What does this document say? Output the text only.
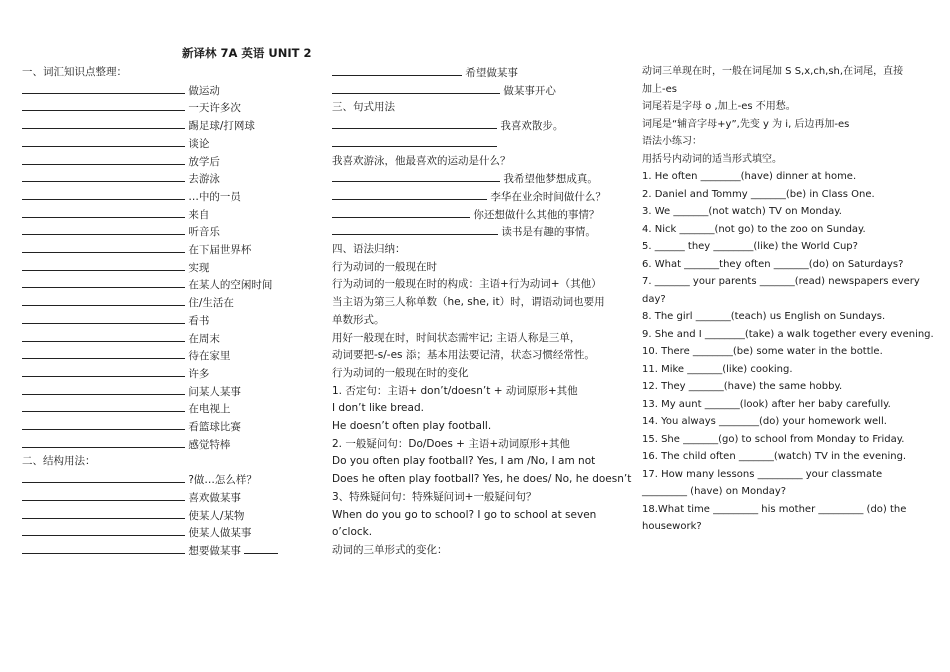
新译林 7A 英语 UNIT 2
一、词汇知识点整理：
做运动
一天许多次
踢足球/打网球
谈论
放学后
去游泳
…中的一员
来自
听音乐
在下届世界杯
实现
在某人的空闲时间
住/生活在
看书
在周末
待在家里
许多
问某人某事
在电视上
看篮球比赛
感觉特棒
二、结构用法：
?做…怎么样？
喜欢做某事
使某人/某物
使某人做某事
想要做某事
希望做某事
做某事开心
三、句式用法
我喜欢散步。
我喜欢游泳，他最喜欢的运动是什么？
我希望他梦想成真。
李华在业余时间做什么？
你还想做什么其他的事情？
读书是有趣的事情。
四、语法归纳：
行为动词的一般现在时
行为动词的一般现在时的构成：主语+行为动词+（其他）
当主语为第三人称单数（he, she, it）时，谓语动词也要用
单数形式。
用好一般现在时，时间状态需牢记; 主语人称是三单，
动词要把-s/-es 添；基本用法要记清，状态习惯经常性。
行为动词的一般现在时的变化
1. 否定句：主语+ don’t/doesn’t + 动词原形+其他
I don’t like bread.
He doesn’t often play football.
2. 一般疑问句：Do/Does + 主语+动词原形+其他
Do you often play football? Yes, I am /No, I am not
Does he often play football? Yes, he does/ No, he doesn’t
3、特殊疑问句：特殊疑问词+一般疑问句？
When do you go to school? I go to school at seven
o’clock.
动词的三单形式的变化：
动词三单现在时，一般在词尾加 S S,x,ch,sh,在词尾，直接
加上-es
词尾若是字母 o ,加上-es 不用愁。
词尾是“辅音字母+y”,先变 y 为 i, 后边再加-es
语法小练习：
用括号内动词的适当形式填空。
1. He often ________(have) dinner at home.
2. Daniel and Tommy _______(be) in Class One.
3. We _______(not watch) TV on Monday.
4. Nick _______(not go) to the zoo on Sunday.
5. ______ they ________(like) the World Cup?
6. What _______they often _______(do) on Saturdays?
7. _______ your parents _______(read) newspapers every
day?
8. The girl _______(teach) us English on Sundays.
9. She and I ________(take) a walk together every evening.
10. There ________(be) some water in the bottle.
11. Mike _______(like) cooking.
12. They _______(have) the same hobby.
13. My aunt _______(look) after her baby carefully.
14. You always ________(do) your homework well.
15. She _______(go) to school from Monday to Friday.
16. The child often _______(watch) TV in the evening.
17. How many lessons _________ your classmate
_________ (have) on Monday?
18.What time _________ his mother _________ (do) the
housework?
